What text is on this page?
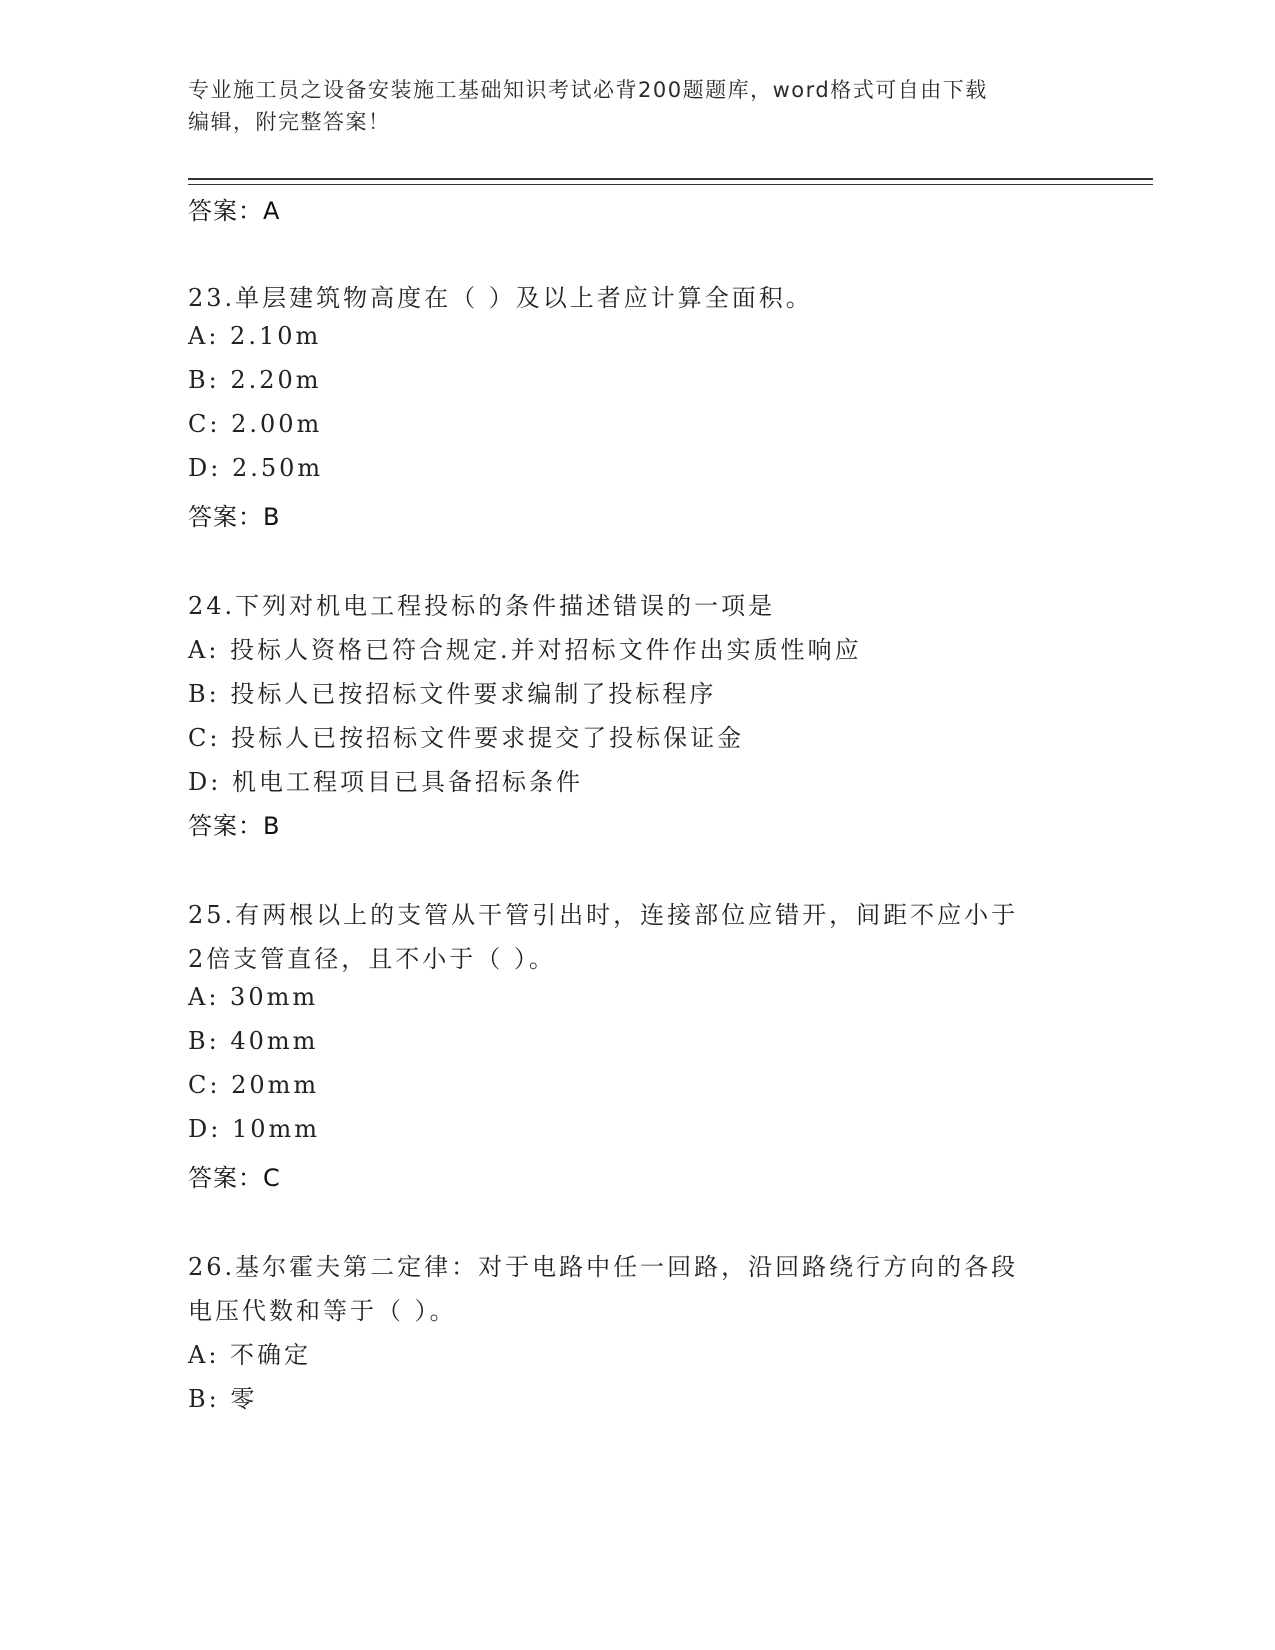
专业施工员之设备安装施工基础知识考试必背200题题库，word格式可自由下载
编辑，附完整答案！
答案：A
23.单层建筑物高度在（ ）及以上者应计算全面积。
A: 2.10m
B: 2.20m
C: 2.00m
D: 2.50m
答案：B
24.下列对机电工程投标的条件描述错误的一项是
A: 投标人资格已符合规定.并对招标文件作出实质性响应
B: 投标人已按招标文件要求编制了投标程序
C: 投标人已按招标文件要求提交了投标保证金
D: 机电工程项目已具备招标条件
答案：B
25.有两根以上的支管从干管引出时，连接部位应错开，间距不应小于
2倍支管直径，且不小于（ ）。
A: 30mm
B: 40mm
C: 20mm
D: 10mm
答案：C
26.基尔霍夫第二定律：对于电路中任一回路，沿回路绕行方向的各段
电压代数和等于（ ）。
A: 不确定
B: 零
